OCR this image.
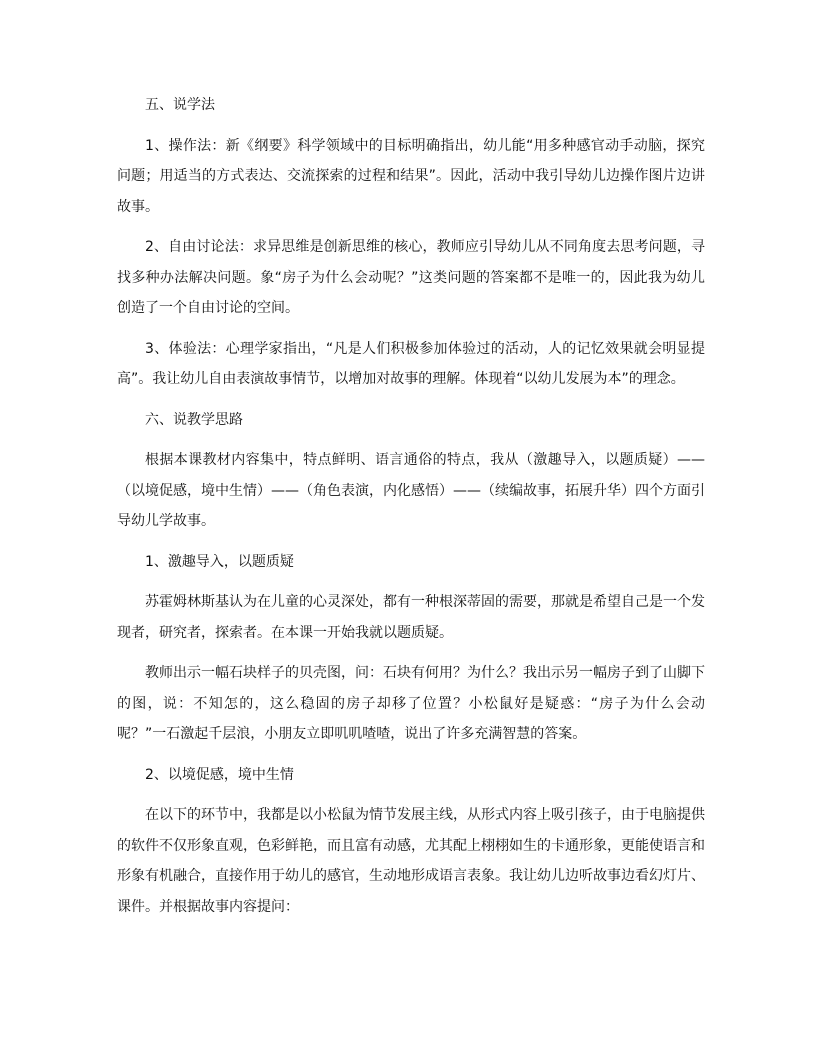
五、说学法

1、操作法：新《纲要》科学领域中的目标明确指出，幼儿能“用多种感官动手动脑，探究问题；用适当的方式表达、交流探索的过程和结果”。因此，活动中我引导幼儿边操作图片边讲故事。

2、自由讨论法：求异思维是创新思维的核心，教师应引导幼儿从不同角度去思考问题，寻找多种办法解决问题。象“房子为什么会动呢？”这类问题的答案都不是唯一的，因此我为幼儿创造了一个自由讨论的空间。

3、体验法：心理学家指出，“凡是人们积极参加体验过的活动，人的记忆效果就会明显提高”。我让幼儿自由表演故事情节，以增加对故事的理解。体现着“以幼儿发展为本”的理念。

六、说教学思路

根据本课教材内容集中，特点鲜明、语言通俗的特点，我从（激趣导入，以题质疑）——（以境促感，境中生情）——（角色表演，内化感悟）——（续编故事，拓展升华）四个方面引导幼儿学故事。

1、激趣导入，以题质疑

苏霍姆林斯基认为在儿童的心灵深处，都有一种根深蒂固的需要，那就是希望自己是一个发现者，研究者，探索者。在本课一开始我就以题质疑。

教师出示一幅石块样子的贝壳图，问：石块有何用？为什么？我出示另一幅房子到了山脚下的图，说：不知怎的，这么稳固的房子却移了位置？小松鼠好是疑惑：“房子为什么会动呢？”一石激起千层浪，小朋友立即叽叽喳喳，说出了许多充满智慧的答案。

2、以境促感，境中生情

在以下的环节中，我都是以小松鼠为情节发展主线，从形式内容上吸引孩子，由于电脑提供的软件不仅形象直观，色彩鲜艳，而且富有动感，尤其配上栩栩如生的卡通形象，更能使语言和形象有机融合，直接作用于幼儿的感官，生动地形成语言表象。我让幼儿边听故事边看幻灯片、课件。并根据故事内容提问：
